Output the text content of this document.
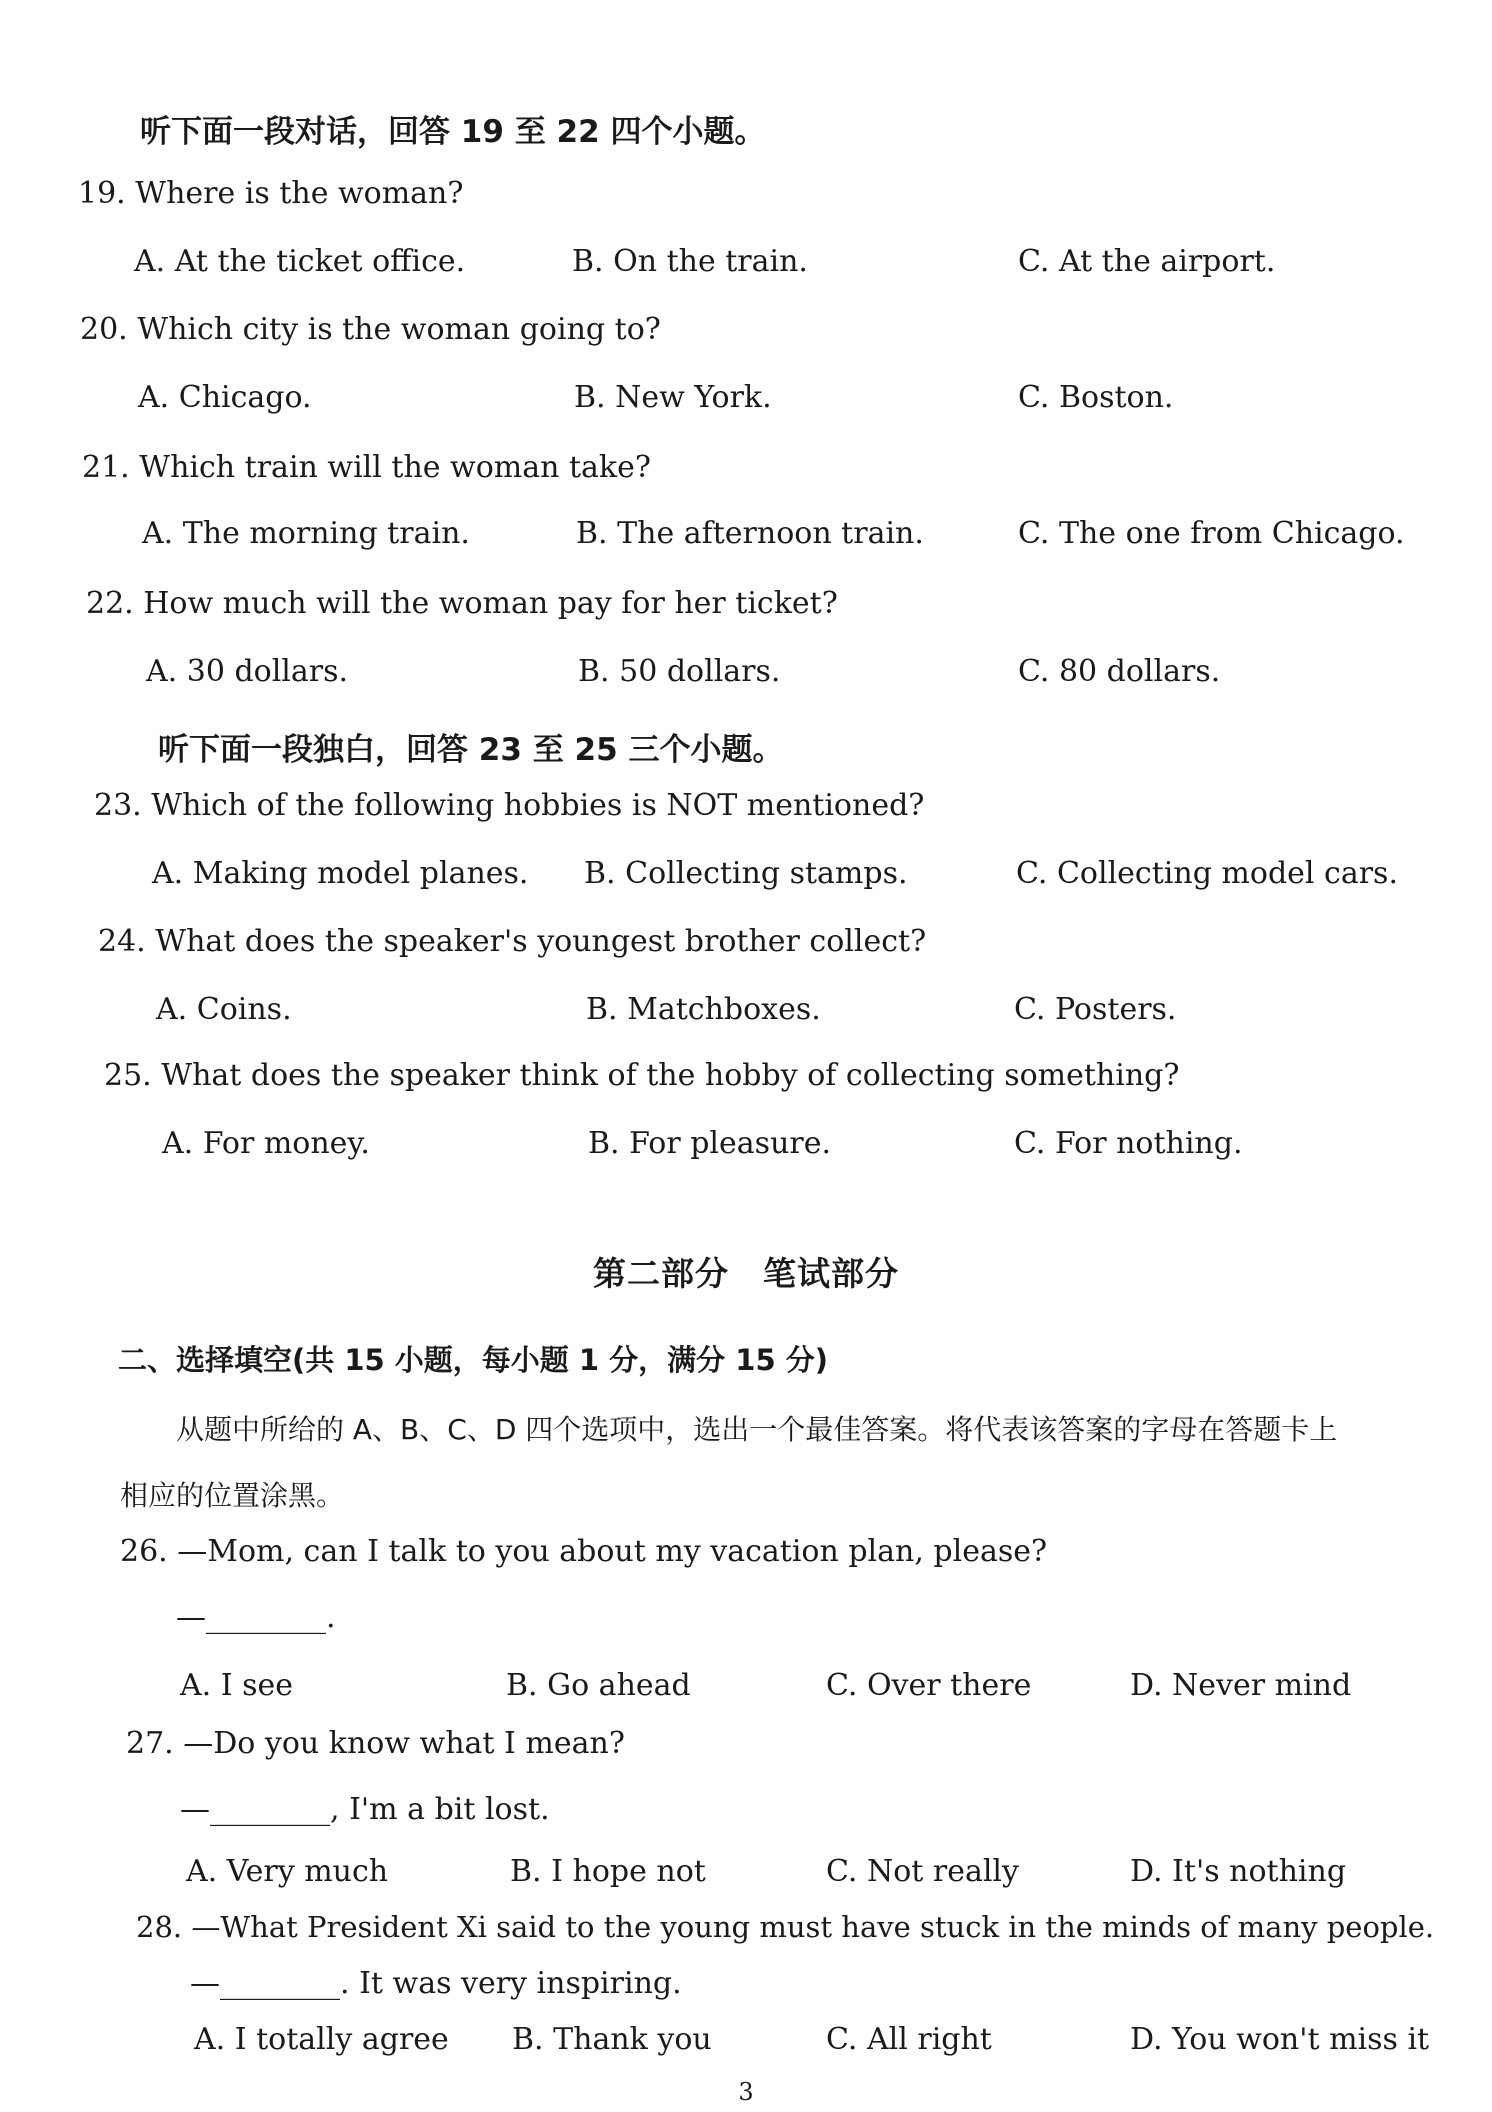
听下面一段对话，回答 19 至 22 四个小题。
19. Where is the woman?
A. At the ticket office.	B. On the train.	C. At the airport.
20. Which city is the woman going to?
A. Chicago.	B. New York.	C. Boston.
21. Which train will the woman take?
A. The morning train.	B. The afternoon train.	C. The one from Chicago.
22. How much will the woman pay for her ticket?
A. 30 dollars.	B. 50 dollars.	C. 80 dollars.
听下面一段独白，回答 23 至 25 三个小题。
23. Which of the following hobbies is NOT mentioned?
A. Making model planes. B. Collecting stamps.	C. Collecting model cars.
24. What does the speaker's youngest brother collect?
A. Coins.	B. Matchboxes.	C. Posters.
25. What does the speaker think of the hobby of collecting something?
A. For money.	B. For pleasure.	C. For nothing.
第二部分　笔试部分
二、选择填空(共 15 小题，每小题 1 分，满分 15 分)
从题中所给的 A、B、C、D 四个选项中，选出一个最佳答案。将代表该答案的字母在答题卡上
相应的位置涂黑。
26. —Mom, can I talk to you about my vacation plan, please?
—________.
A. I see	B. Go ahead	C. Over there	D. Never mind
27. —Do you know what I mean?
—________, I'm a bit lost.
A. Very much	B. I hope not	C. Not really	D. It's nothing
28. —What President Xi said to the young must have stuck in the minds of many people.
—________. It was very inspiring.
A. I totally agree B. Thank you	C. All right	D. You won't miss it
3
